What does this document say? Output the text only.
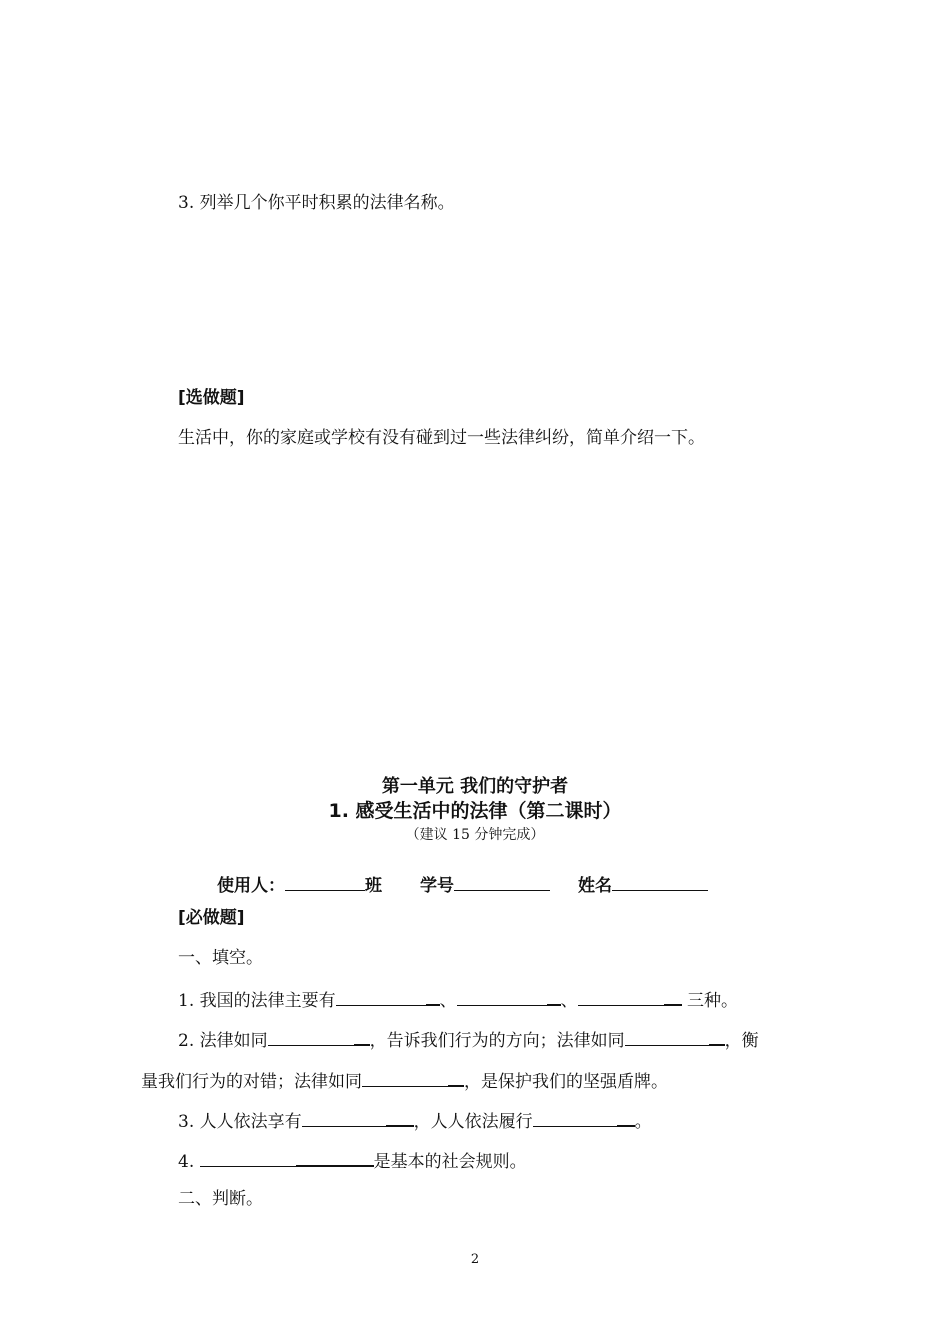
3. 列举几个你平时积累的法律名称。
[选做题]
生活中，你的家庭或学校有没有碰到过一些法律纠纷，简单介绍一下。
第一单元 我们的守护者
1. 感受生活中的法律（第二课时）
（建议 15 分钟完成）
使用人：	班 学号	姓名
[必做题]
一、填空。
1. 我国的法律主要有	、	、	三种。
2. 法律如同	，告诉我们行为的方向；法律如同	，衡
量我们行为的对错；法律如同	，是保护我们的坚强盾牌。
3. 人人依法享有	，人人依法履行	。
4.	是基本的社会规则。
二、判断。
2
